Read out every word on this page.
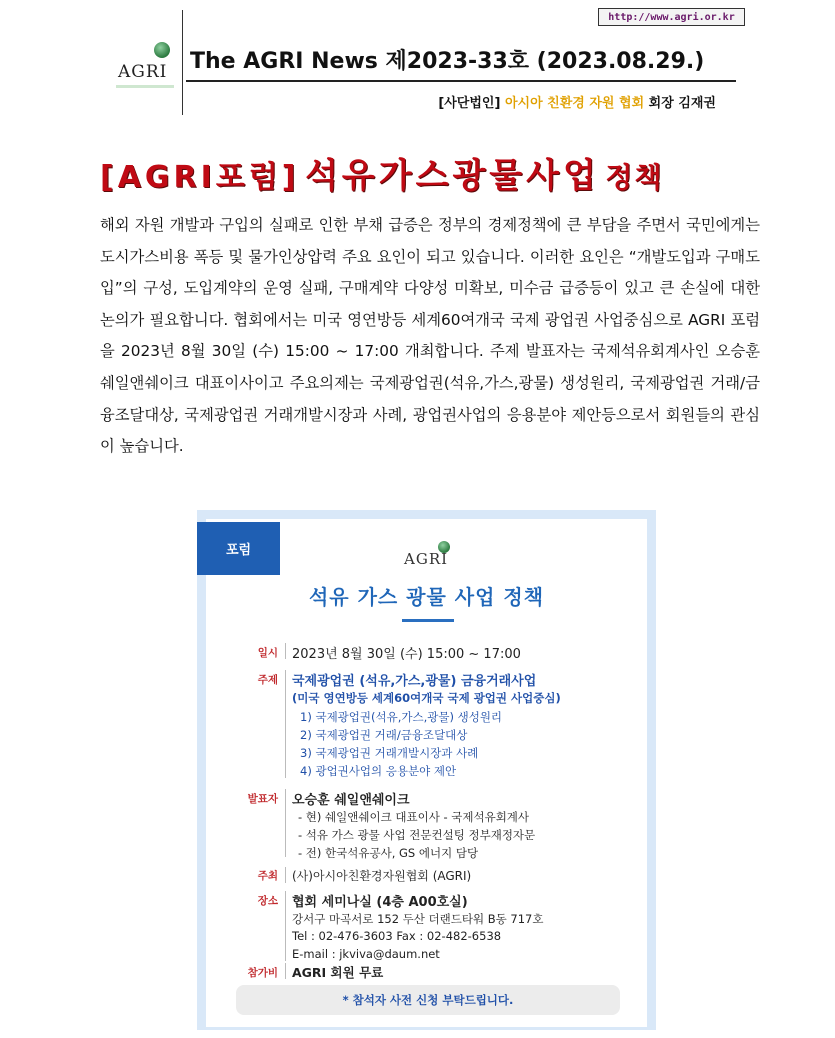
http://www.agri.or.kr
AGRI The AGRI News 제2023-33호 (2023.08.29.)
[사단법인] 아시아 친환경 자원 협회 회장 김재권
[AGRI포럼] 석유가스광물사업 정책
해외 자원 개발과 구입의 실패로 인한 부채 급증은 정부의 경제정책에 큰 부담을 주면서 국민에게는 도시가스비용 폭등 및 물가인상압력 주요 요인이 되고 있습니다. 이러한 요인은 “개발도입과 구매도입”의 구성, 도입계약의 운영 실패, 구매계약 다양성 미확보, 미수금 급증등이 있고 큰 손실에 대한 논의가 필요합니다. 협회에서는 미국 영연방등 세계60여개국 국제 광업권 사업중심으로 AGRI 포럼을 2023년 8월 30일 (수) 15:00 ~ 17:00 개최합니다. 주제 발표자는 국제석유회계사인 오승훈 쉐일앤쉐이크 대표이사이고 주요의제는 국제광업권(석유,가스,광물) 생성원리, 국제광업권 거래/금융조달대상, 국제광업권 거래개발시장과 사례, 광업권사업의 응용분야 제안등으로서 회원들의 관심이 높습니다.
포럼	AGRI
석유 가스 광물 사업 정책
일시 2023년 8월 30일 (수) 15:00 ~ 17:00
주제 국제광업권 (석유,가스,광물) 금융거래사업
(미국 영연방등 세계60여개국 국제 광업권 사업중심)
1) 국제광업권(석유,가스,광물) 생성원리
2) 국제광업권 거래/금융조달대상
3) 국제광업권 거래개발시장과 사례
4) 광업권사업의 응용분야 제안
발표자 오승훈 쉐일앤쉐이크
- 현) 쉐일앤쉐이크 대표이사 - 국제석유회계사
- 석유 가스 광물 사업 전문컨설팅 정부재정자문
- 전) 한국석유공사, GS 에너지 담당
주최 (사)아시아친환경자원협회 (AGRI)
장소 협회 세미나실 (4층 A00호실)
강서구 마곡서로 152 두산 더랜드타워 B동 717호
Tel : 02-476-3603 Fax : 02-482-6538
E-mail : jkviva@daum.net
참가비 AGRI 회원 무료
* 참석자 사전 신청 부탁드립니다.
